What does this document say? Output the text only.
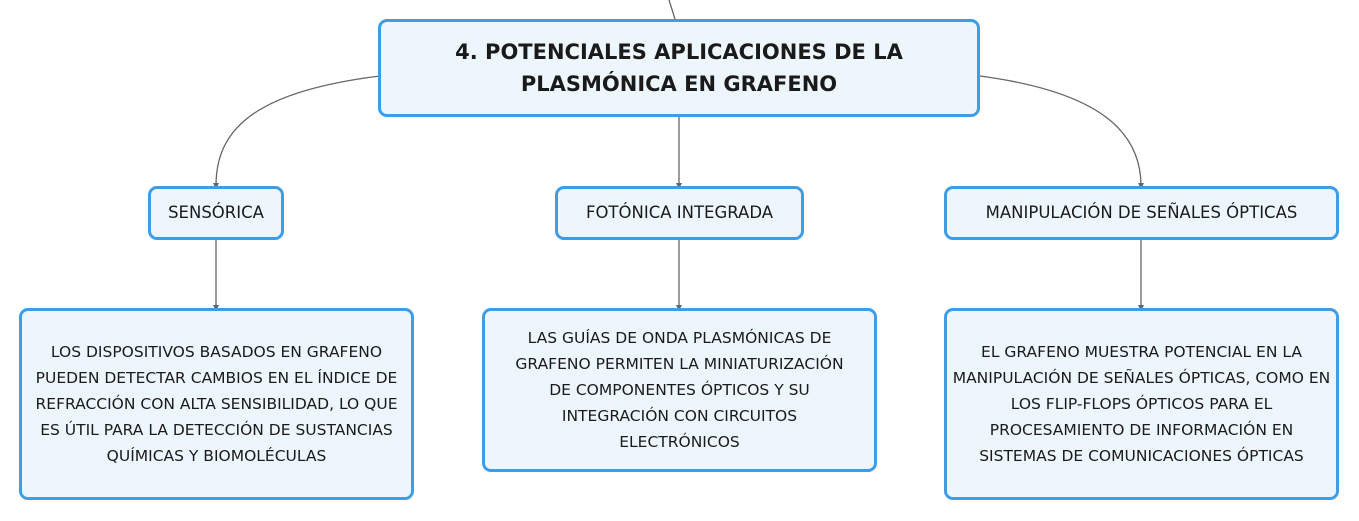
4. POTENCIALES APLICACIONES DE LA PLASMÓNICA EN GRAFENO
SENSÓRICA	FOTÓNICA INTEGRADA	MANIPULACIÓN DE SEÑALES ÓPTICAS
LOS DISPOSITIVOS BASADOS EN GRAFENO PUEDEN DETECTAR CAMBIOS EN EL ÍNDICE DE REFRACCIÓN CON ALTA SENSIBILIDAD, LO QUE ES ÚTIL PARA LA DETECCIÓN DE SUSTANCIAS QUÍMICAS Y BIOMOLÉCULAS
LAS GUÍAS DE ONDA PLASMÓNICAS DE GRAFENO PERMITEN LA MINIATURIZACIÓN DE COMPONENTES ÓPTICOS Y SU INTEGRACIÓN CON CIRCUITOS ELECTRÓNICOS
EL GRAFENO MUESTRA POTENCIAL EN LA MANIPULACIÓN DE SEÑALES ÓPTICAS, COMO EN LOS FLIP-FLOPS ÓPTICOS PARA EL PROCESAMIENTO DE INFORMACIÓN EN SISTEMAS DE COMUNICACIONES ÓPTICAS
